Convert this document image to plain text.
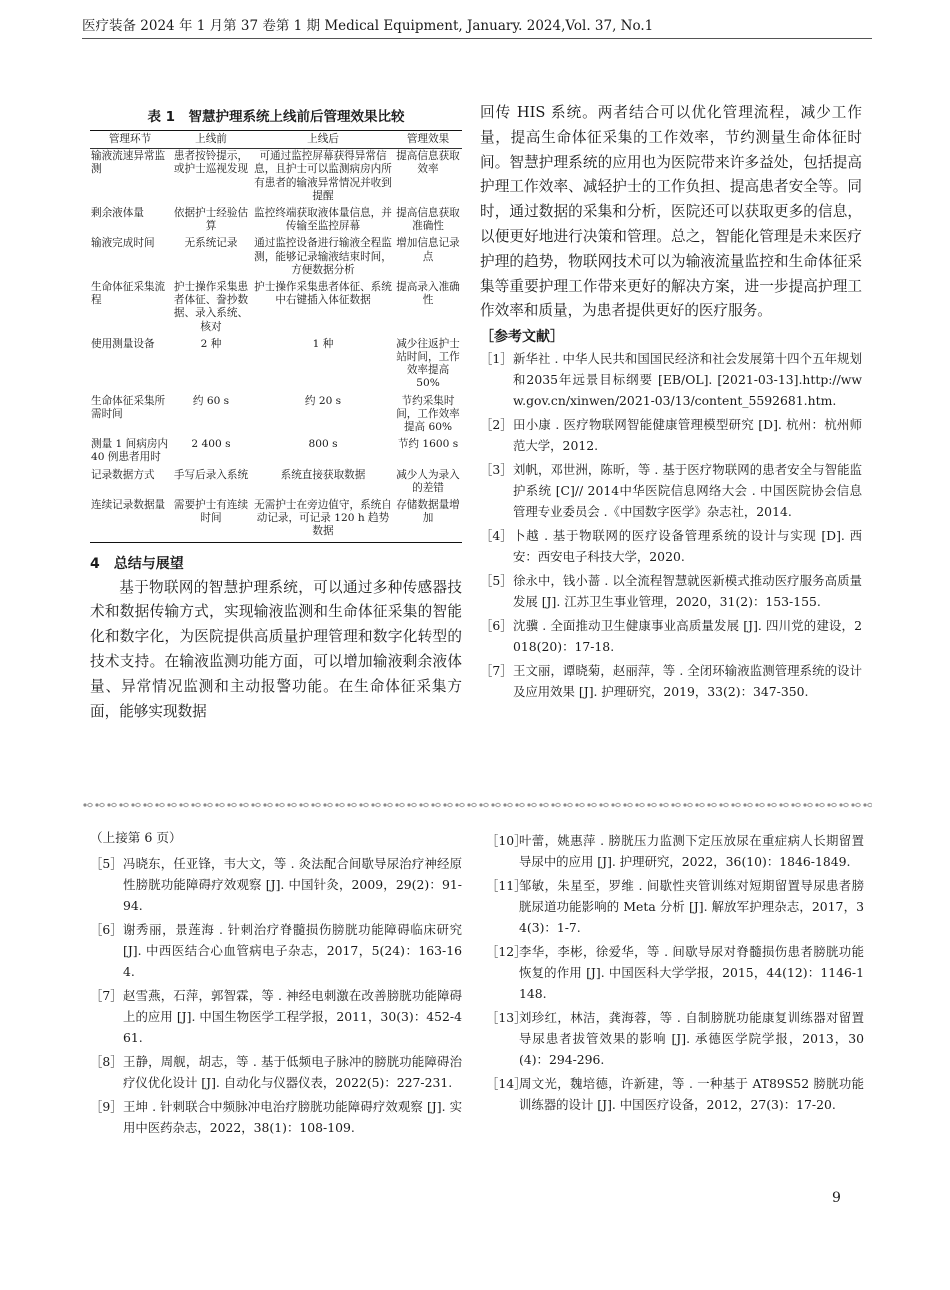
医疗装备 2024 年 1 月第 37 卷第 1 期 Medical Equipment, January. 2024,Vol. 37, No.1
表 1　智慧护理系统上线前后管理效果比较
管理环节	上线前	上线后	管理效果
输液流速异常监测	患者按铃提示，或护士巡视发现	可通过监控屏幕获得异常信息，且护士可以监测病房内所有患者的输液异常情况并收到提醒	提高信息获取效率
剩余液体量	依据护士经验估算	监控终端获取液体量信息，并传输至监控屏幕	提高信息获取准确性
输液完成时间	无系统记录	通过监控设备进行输液全程监测，能够记录输液结束时间，方便数据分析	增加信息记录点
生命体征采集流程	护士操作采集患者体征、誊抄数据、录入系统、核对	护士操作采集患者体征、系统中右键插入体征数据	提高录入准确性
使用测量设备	2 种	1 种	减少往返护士站时间，工作效率提高 50%
生命体征采集所需时间	约 60 s	约 20 s	节约采集时间，工作效率提高 60%
测量 1 间病房内 40 例患者用时	2 400 s	800 s	节约 1600 s
记录数据方式	手写后录入系统	系统直接获取数据	减少人为录入的差错
连续记录数据量	需要护士有连续时间	无需护士在旁边值守，系统自动记录，可记录 120 h 趋势数据	存储数据量增加
4　总结与展望

基于物联网的智慧护理系统，可以通过多种传感器技术和数据传输方式，实现输液监测和生命体征采集的智能化和数字化，为医院提供高质量护理管理和数字化转型的技术支持。在输液监测功能方面，可以增加输液剩余液体量、异常情况监测和主动报警功能。在生命体征采集方面，能够实现数据

回传 HIS 系统。两者结合可以优化管理流程，减少工作量，提高生命体征采集的工作效率，节约测量生命体征时间。智慧护理系统的应用也为医院带来许多益处，包括提高护理工作效率、减轻护士的工作负担、提高患者安全等。同时，通过数据的采集和分析，医院还可以获取更多的信息，以便更好地进行决策和管理。总之，智能化管理是未来医疗护理的趋势，物联网技术可以为输液流量监控和生命体征采集等重要护理工作带来更好的解决方案，进一步提高护理工作效率和质量，为患者提供更好的医疗服务。

［参考文献］
［1］ 新华社 . 中华人民共和国国民经济和社会发展第十四个五年规划和2035年远景目标纲要 [EB/OL]. [2021-03-13].http://www.gov.cn/xinwen/2021-03/13/content_5592681.htm.
［2］ 田小康 . 医疗物联网智能健康管理模型研究 [D]. 杭州：杭州师范大学，2012.
［3］ 刘帆，邓世洲，陈昕，等 . 基于医疗物联网的患者安全与智能监护系统 [C]// 2014中华医院信息网络大会 . 中国医院协会信息管理专业委员会 .《中国数字医学》杂志社，2014.
［4］ 卜越 . 基于物联网的医疗设备管理系统的设计与实现 [D]. 西安：西安电子科技大学，2020.
［5］ 徐永中，钱小蔷 . 以全流程智慧就医新模式推动医疗服务高质量发展 [J]. 江苏卫生事业管理，2020，31(2)：153-155.
［6］ 沈骥 . 全面推动卫生健康事业高质量发展 [J]. 四川党的建设，2018(20)：17-18.
［7］ 王文丽，谭晓菊，赵丽萍，等 . 全闭环输液监测管理系统的设计及应用效果 [J]. 护理研究，2019，33(2)：347-350.
（上接第 6 页）
［5］ 冯晓东，任亚锋，韦大文，等 . 灸法配合间歇导尿治疗神经原性膀胱功能障碍疗效观察 [J]. 中国针灸，2009，29(2)：91-94.
［6］ 谢秀丽，景莲海 . 针刺治疗脊髓损伤膀胱功能障碍临床研究 [J]. 中西医结合心血管病电子杂志，2017，5(24)：163-164.
［7］ 赵雪燕，石萍，郭智霖，等 . 神经电刺激在改善膀胱功能障碍上的应用 [J]. 中国生物医学工程学报，2011，30(3)：452-461.
［8］ 王静，周舰，胡志，等 . 基于低频电子脉冲的膀胱功能障碍治疗仪优化设计 [J]. 自动化与仪器仪表，2022(5)：227-231.
［9］ 王坤 . 针刺联合中频脉冲电治疗膀胱功能障碍疗效观察 [J]. 实用中医药杂志，2022，38(1)：108-109.
［10］
叶蕾，姚惠萍 . 膀胱压力监测下定压放尿在重症病人长期留置导尿中的应用 [J]. 护理研究，2022，36(10)：1846-1849.
［11］
邹敏，朱星至，罗维 . 间歇性夹管训练对短期留置导尿患者膀胱尿道功能影响的 Meta 分析 [J]. 解放军护理杂志，2017，34(3)：1-7.
［12］
李华，李彬，徐爱华，等 . 间歇导尿对脊髓损伤患者膀胱功能恢复的作用 [J]. 中国医科大学学报，2015，44(12)：1146-1148.
［13］
刘珍红，林洁，龚海蓉，等 . 自制膀胱功能康复训练器对留置导尿患者拔管效果的影响 [J]. 承德医学院学报，2013，30(4)：294-296.
［14］
周文光，魏培德，许新建，等 . 一种基于 AT89S52 膀胱功能训练器的设计 [J]. 中国医疗设备，2012，27(3)：17-20.
9
